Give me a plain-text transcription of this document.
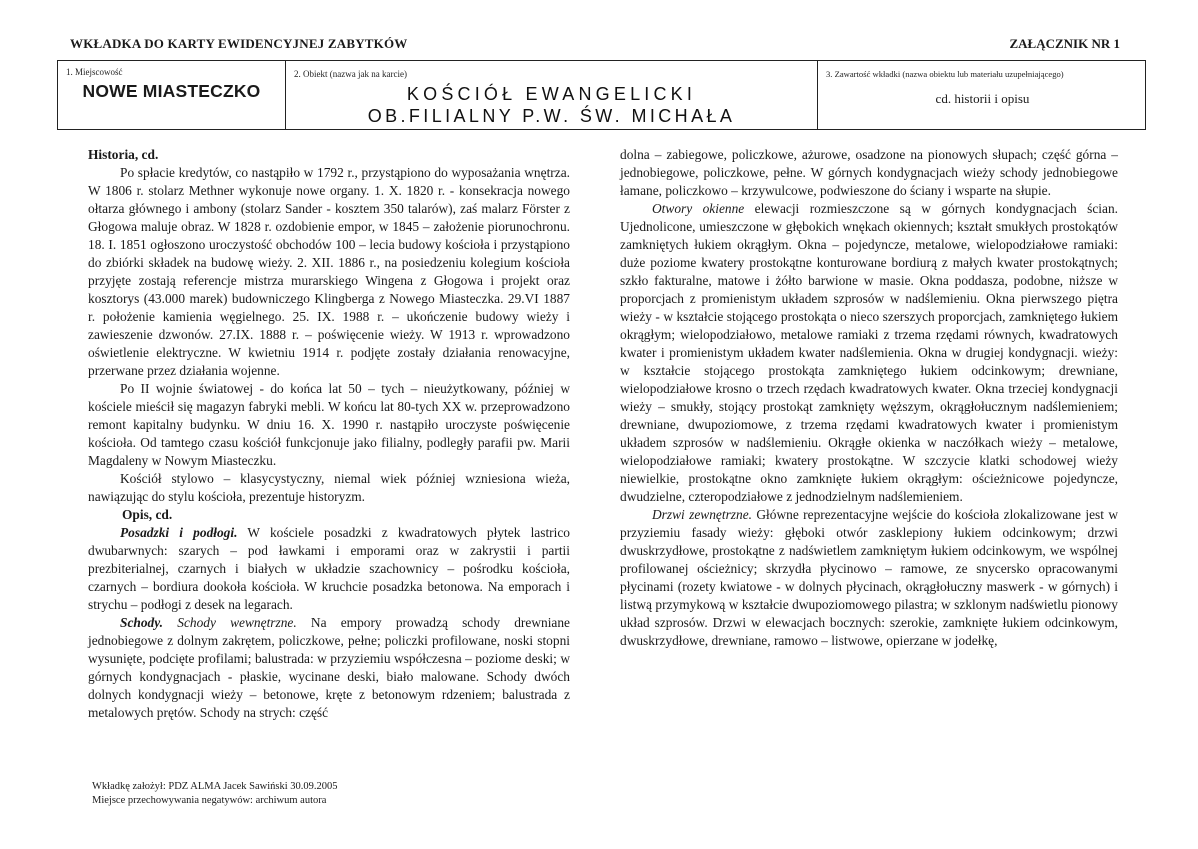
WKŁADKA DO KARTY EWIDENCYJNEJ ZABYTKÓW	ZAŁĄCZNIK NR 1
1. Miejscowość
NOWE MIASTECZKO
2. Obiekt (nazwa jak na karcie)
KOŚCIÓŁ EWANGELICKI
OB.FILIALNY P.W. ŚW. MICHAŁA
3. Zawartość wkładki (nazwa obiektu lub materiału uzupełniającego)
cd. historii i opisu

Historia, cd.

Po spłacie kredytów, co nastąpiło w 1792 r., przystąpiono do wyposażania wnętrza. W 1806 r. stolarz Methner wykonuje nowe organy. 1. X. 1820 r. - konsekracja nowego ołtarza głównego i ambony (stolarz Sander - kosztem 350 talarów), zaś malarz Förster z Głogowa maluje obraz. W 1828 r. ozdobienie empor, w 1845 – założenie piorunochronu. 18. I. 1851 ogłoszono uroczystość obchodów 100 – lecia budowy kościoła i przystąpiono do zbiórki składek na budowę wieży. 2. XII. 1886 r., na posiedzeniu kolegium kościoła przyjęte zostają referencje mistrza murarskiego Wingena z Głogowa i projekt oraz kosztorys (43.000 marek) budowniczego Klingberga z Nowego Miasteczka. 29.VI 1887 r. położenie kamienia węgielnego. 25. IX. 1988 r. – ukończenie budowy wieży i zawieszenie dzwonów. 27.IX. 1888 r. – poświęcenie wieży. W 1913 r. wprowadzono oświetlenie elektryczne. W kwietniu 1914 r. podjęte zostały działania renowacyjne, przerwane przez działania wojenne.

Po II wojnie światowej - do końca lat 50 – tych – nieużytkowany, później w kościele mieścił się magazyn fabryki mebli. W końcu lat 80-tych XX w. przeprowadzono remont kapitalny budynku. W dniu 16. X. 1990 r. nastąpiło uroczyste poświęcenie kościoła. Od tamtego czasu kościół funkcjonuje jako filialny, podległy parafii pw. Marii Magdaleny w Nowym Miasteczku.

Kościół stylowo – klasycystyczny, niemal wiek później wzniesiona wieża, nawiązując do stylu kościoła, prezentuje historyzm.

Opis, cd.

Posadzki i podłogi. W kościele posadzki z kwadratowych płytek lastrico dwubarwnych: szarych – pod ławkami i emporami oraz w zakrystii i partii prezbiterialnej, czarnych i białych w układzie szachownicy – pośrodku kościoła, czarnych – bordiura dookoła kościoła. W kruchcie posadzka betonowa. Na emporach i strychu – podłogi z desek na legarach.

Schody. Schody wewnętrzne. Na empory prowadzą schody drewniane jednobiegowe z dolnym zakrętem, policzkowe, pełne; policzki profilowane, noski stopni wysunięte, podcięte profilami; balustrada: w przyziemiu współczesna – poziome deski; w górnych kondygnacjach - płaskie, wycinane deski, biało malowane. Schody dwóch dolnych kondygnacji wieży – betonowe, kręte z betonowym rdzeniem; balustrada z metalowych prętów. Schody na strych: część

dolna – zabiegowe, policzkowe, ażurowe, osadzone na pionowych słupach; część górna – jednobiegowe, policzkowe, pełne. W górnych kondygnacjach wieży schody jednobiegowe łamane, policzkowo – krzywulcowe, podwieszone do ściany i wsparte na słupie.

Otwory okienne elewacji rozmieszczone są w górnych kondygnacjach ścian. Ujednolicone, umieszczone w głębokich wnękach okiennych; kształt smukłych prostokątów zamkniętych łukiem okrągłym. Okna – pojedyncze, metalowe, wielopodziałowe ramiaki: duże poziome kwatery prostokątne konturowane bordiurą z małych kwater prostokątnych; szkło fakturalne, matowe i żółto barwione w masie. Okna poddasza, podobne, niższe w proporcjach z promienistym układem szprosów w nadślemieniu. Okna pierwszego piętra wieży - w kształcie stojącego prostokąta o nieco szerszych proporcjach, zamkniętego łukiem okrągłym; wielopodziałowo, metalowe ramiaki z trzema rzędami równych, kwadratowych kwater i promienistym układem kwater nadślemienia. Okna w drugiej kondygnacji. wieży: w kształcie stojącego prostokąta zamkniętego łukiem odcinkowym; drewniane, wielopodziałowe krosno o trzech rzędach kwadratowych kwater. Okna trzeciej kondygnacji wieży – smukły, stojący prostokąt zamknięty węższym, okrągłołucznym nadślemieniem; drewniane, dwupoziomowe, z trzema rzędami kwadratowych kwater i promienistym układem szprosów w nadślemieniu. Okrągłe okienka w naczółkach wieży – metalowe, wielopodziałowe ramiaki; kwatery prostokątne. W szczycie klatki schodowej wieży niewielkie, prostokątne okno zamknięte łukiem okrągłym: ościeżnicowe pojedyncze, dwudzielne, czteropodziałowe z jednodzielnym nadślemieniem.

Drzwi zewnętrzne. Główne reprezentacyjne wejście do kościoła zlokalizowane jest w przyziemiu fasady wieży: głęboki otwór zasklepiony łukiem odcinkowym; drzwi dwuskrzydłowe, prostokątne z nadświetlem zamkniętym łukiem odcinkowym, we wspólnej profilowanej ościeżnicy; skrzydła płycinowo – ramowe, ze snycersko opracowanymi płycinami (rozety kwiatowe - w dolnych płycinach, okrągłołuczny maswerk - w górnych) i listwą przymykową w kształcie dwupoziomowego pilastra; w szklonym nadświetlu pionowy układ szprosów. Drzwi w elewacjach bocznych: szerokie, zamknięte łukiem odcinkowym, dwuskrzydłowe, drewniane, ramowo – listwowe, opierzane w jodełkę,

Wkładkę założył: PDZ ALMA Jacek Sawiński 30.09.2005
Miejsce przechowywania negatywów: archiwum autora
